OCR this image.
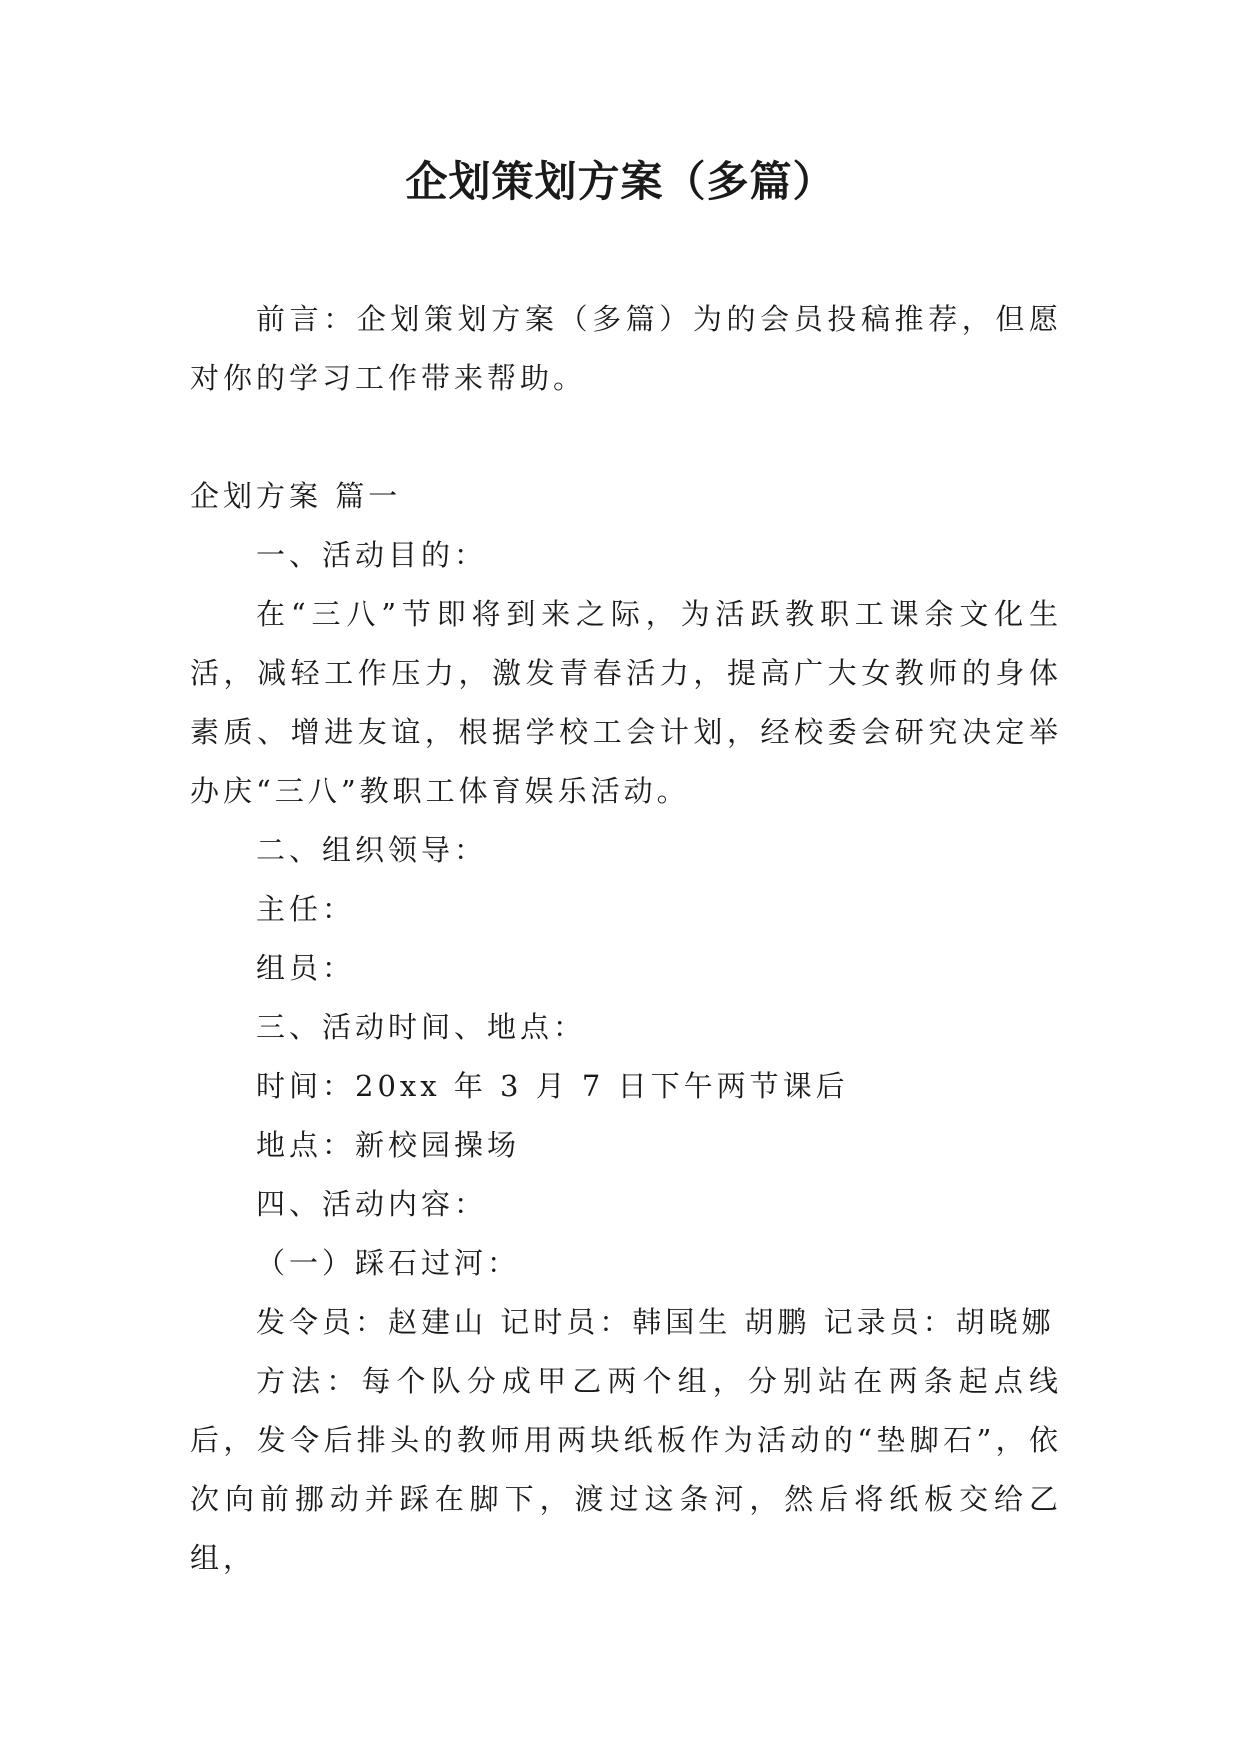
企划策划方案（多篇）

前言：企划策划方案（多篇）为的会员投稿推荐，但愿对你的学习工作带来帮助。

企划方案 篇一

一、活动目的：

在“三八”节即将到来之际，为活跃教职工课余文化生活，减轻工作压力，激发青春活力，提高广大女教师的身体素质、增进友谊，根据学校工会计划，经校委会研究决定举办庆“三八”教职工体育娱乐活动。

二、组织领导：

主任：

组员：

三、活动时间、地点：

时间：20xx 年 3 月 7 日下午两节课后

地点：新校园操场

四、活动内容：

（一）踩石过河：

发令员：赵建山 记时员：韩国生 胡鹏 记录员：胡晓娜

方法：每个队分成甲乙两个组，分别站在两条起点线后，发令后排头的教师用两块纸板作为活动的“垫脚石”，依次向前挪动并踩在脚下，渡过这条河，然后将纸板交给乙组，
